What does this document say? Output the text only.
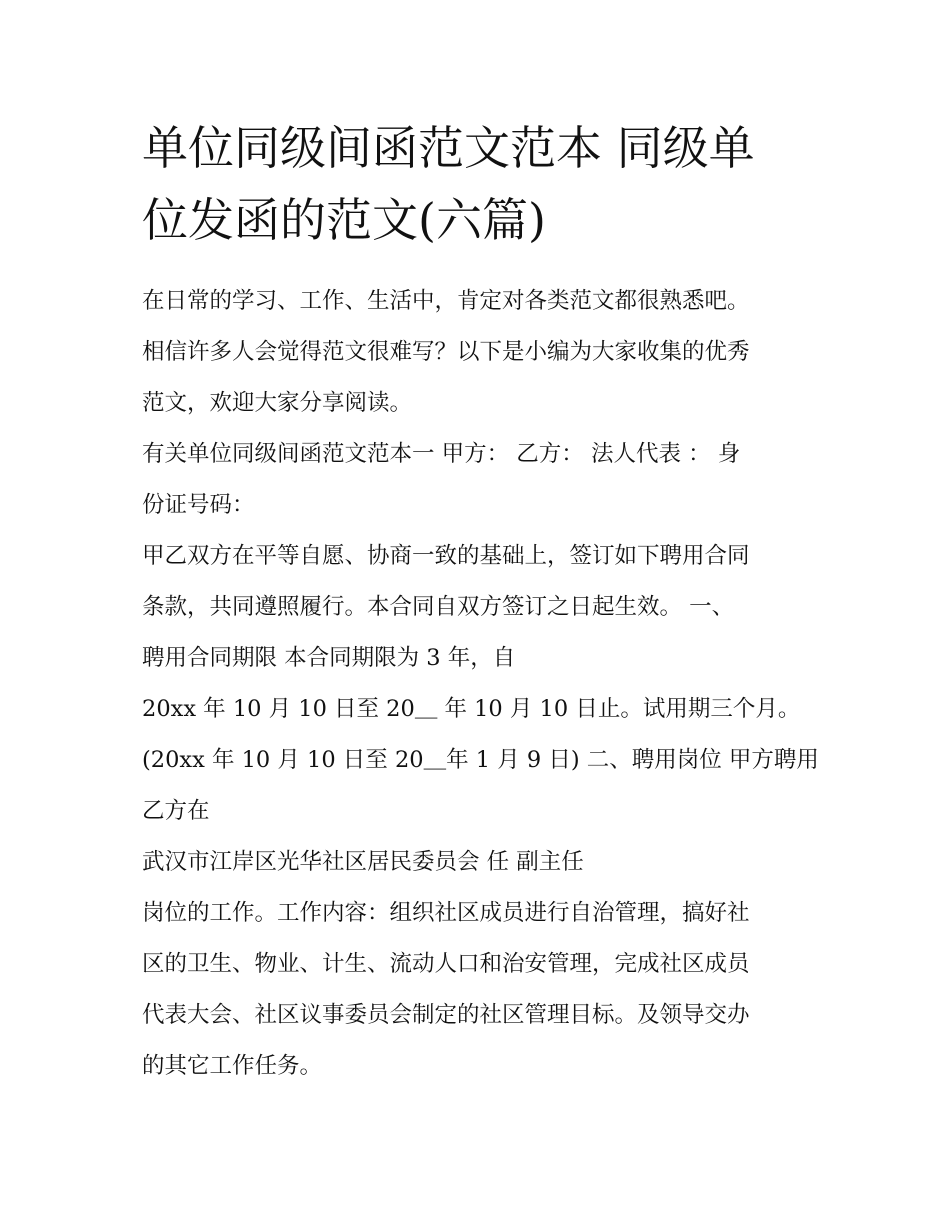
单位同级间函范文范本 同级单
位发函的范文(六篇)
在日常的学习、工作、生活中，肯定对各类范文都很熟悉吧。
相信许多人会觉得范文很难写？以下是小编为大家收集的优秀
范文，欢迎大家分享阅读。
有关单位同级间函范文范本一 甲方： 乙方： 法人代表 ： 身
份证号码：
甲乙双方在平等自愿、协商一致的基础上，签订如下聘用合同
条款，共同遵照履行。本合同自双方签订之日起生效。 一、
聘用合同期限 本合同期限为 3 年，自
20xx 年 10 月 10 日至 20＿ 年 10 月 10 日止。试用期三个月。
(20xx 年 10 月 10 日至 20＿年 1 月 9 日) 二、聘用岗位 甲方聘用
乙方在
武汉市江岸区光华社区居民委员会 任 副主任
岗位的工作。工作内容：组织社区成员进行自治管理，搞好社
区的卫生、物业、计生、流动人口和治安管理，完成社区成员
代表大会、社区议事委员会制定的社区管理目标。及领导交办
的其它工作任务。
